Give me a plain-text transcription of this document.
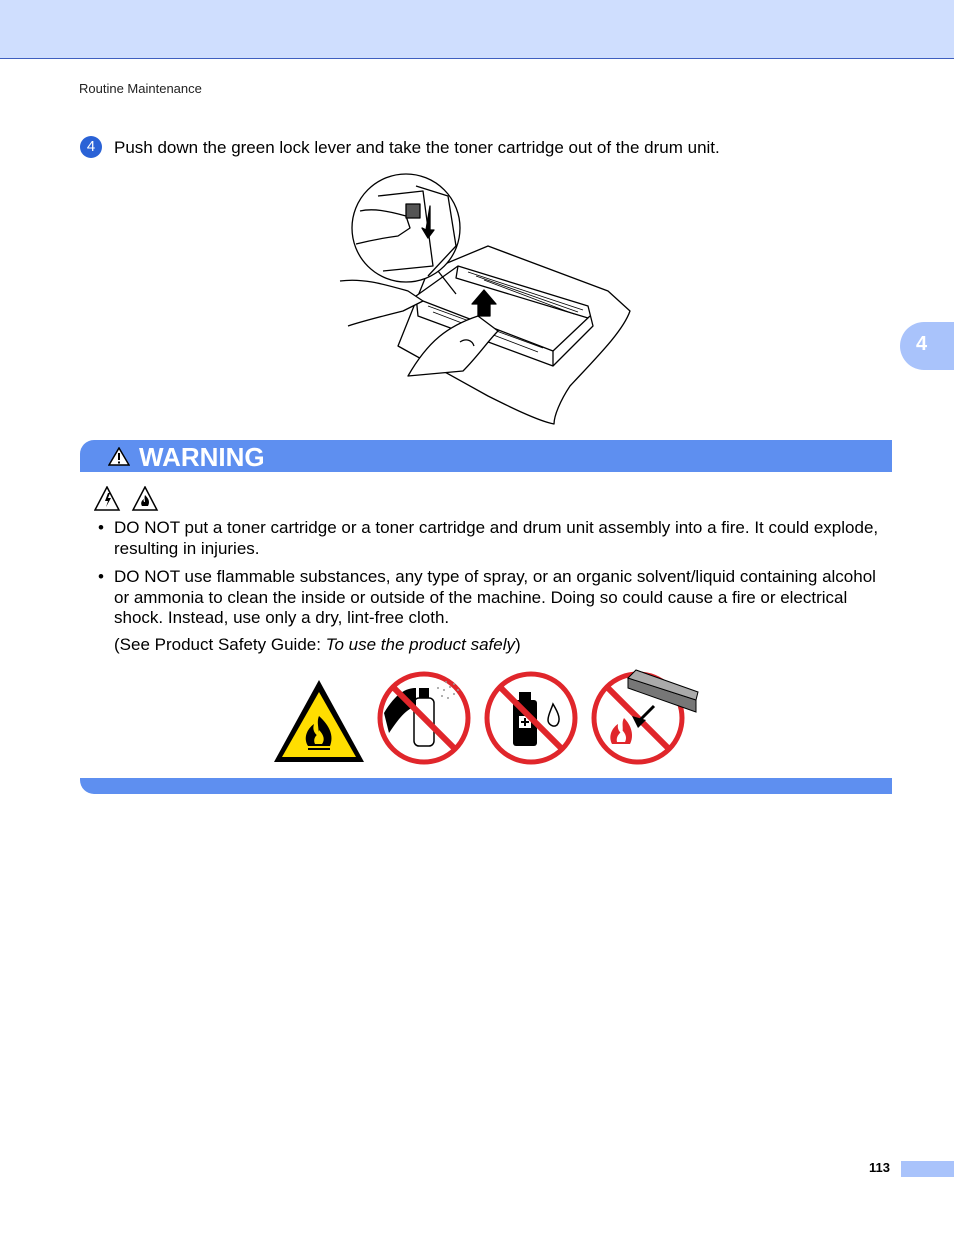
Routine Maintenance
4
4	Push down the green lock lever and take the toner cartridge out of the drum unit.
WARNING
• DO NOT put a toner cartridge or a toner cartridge and drum unit assembly into a fire. It could explode, resulting in injuries.
• DO NOT use flammable substances, any type of spray, or an organic solvent/liquid containing alcohol or ammonia to clean the inside or outside of the machine. Doing so could cause a fire or electrical shock. Instead, use only a dry, lint-free cloth.
(See Product Safety Guide: To use the product safely)
113
